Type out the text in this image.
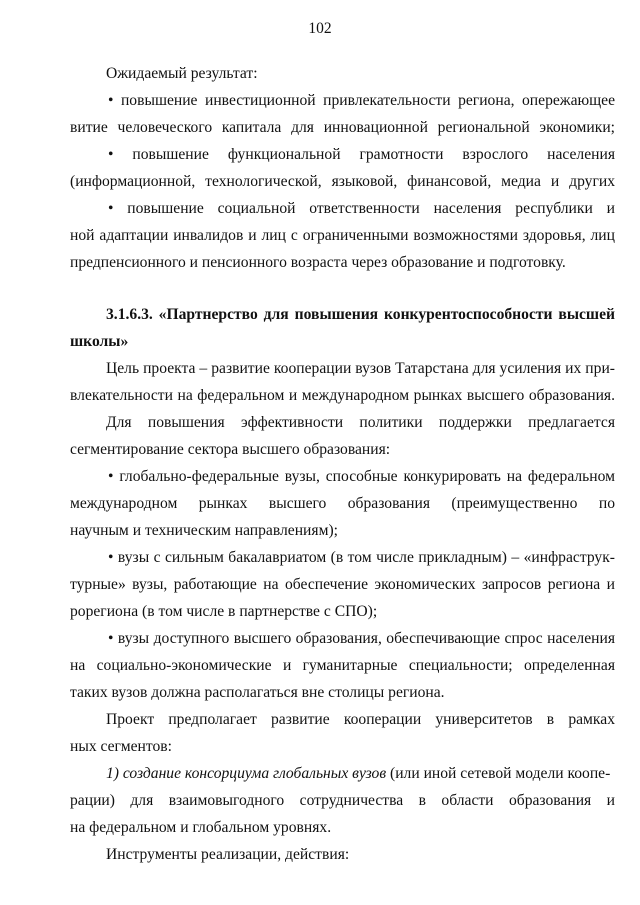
102
Ожидаемый результат:
• повышение инвестиционной привлекательности региона, опережающее
витие человеческого капитала для инновационной региональной экономики;
• повышение функциональной грамотности взрослого населения
(информационной, технологической, языковой, финансовой, медиа и других
• повышение социальной ответственности населения республики и
ной адаптации инвалидов и лиц с ограниченными возможностями здоровья, лиц
предпенсионного и пенсионного возраста через образование и подготовку.
3.1.6.3. «Партнерство для повышения конкурентоспособности высшей
школы»
Цель проекта – развитие кооперации вузов Татарстана для усиления их при-
влекательности на федеральном и международном рынках высшего образования.
Для повышения эффективности политики поддержки предлагается
сегментирование сектора высшего образования:
• глобально-федеральные вузы, способные конкурировать на федеральном
международном рынках высшего образования (преимущественно по
научным и техническим направлениям);
• вузы с сильным бакалавриатом (в том числе прикладным) – «инфраструк-
турные» вузы, работающие на обеспечение экономических запросов региона и
рорегиона (в том числе в партнерстве с СПО);
• вузы доступного высшего образования, обеспечивающие спрос населения
на социально-экономические и гуманитарные специальности; определенная
таких вузов должна располагаться вне столицы региона.
Проект предполагает развитие кооперации университетов в рамках
ных сегментов:
1) создание консорциума глобальных вузов (или иной сетевой модели коопе-
рации) для взаимовыгодного сотрудничества в области образования и
на федеральном и глобальном уровнях.
Инструменты реализации, действия:
